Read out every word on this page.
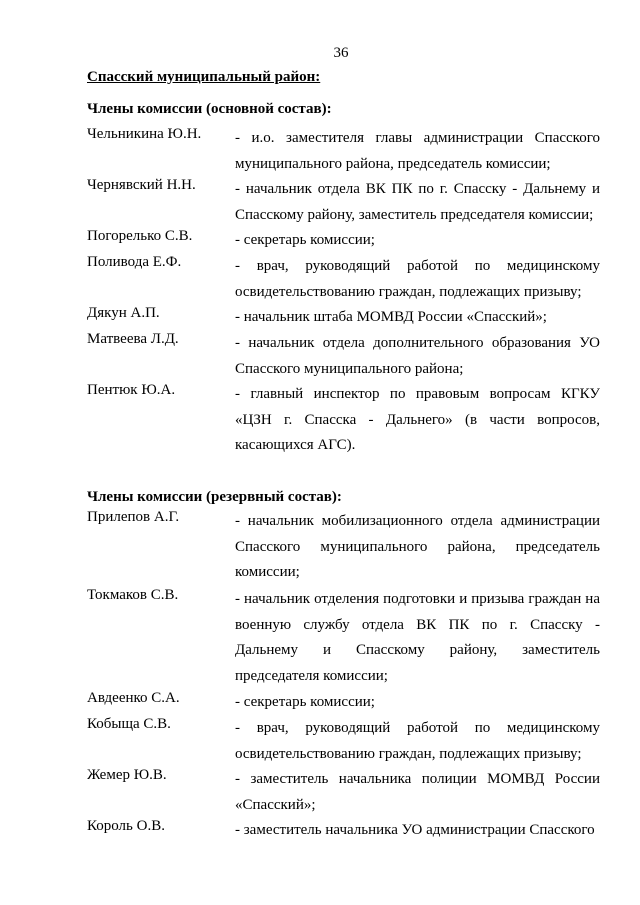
36
Спасский муниципальный район:
Члены комиссии (основной состав):
Чельникина Ю.Н. - и.о. заместителя главы администрации Спасского
муниципального района, председатель комиссии;
Чернявский Н.Н.	- начальник отдела ВК ПК по г. Спасску - Дальнему и
Спасскому району, заместитель председателя комиссии;
Погорелько С.В.	- секретарь комиссии;
Поливода Е.Ф.	- врач, руководящий работой по медицинскому
освидетельствованию граждан, подлежащих призыву;
Дякун А.П.	- начальник штаба МОМВД России «Спасский»;
Матвеева Л.Д.	- начальник отдела дополнительного образования УО
Спасского муниципального района;
Пентюк Ю.А.	- главный инспектор по правовым вопросам КГКУ
«ЦЗН г. Спасска - Дальнего» (в части вопросов,
касающихся АГС).
Члены комиссии (резервный состав):
Прилепов А.Г.	- начальник мобилизационного отдела администрации
Спасского муниципального района, председатель
комиссии;
Токмаков С.В.	- начальник отделения подготовки и призыва граждан на
военную службу отдела ВК ПК по г. Спасску -
Дальнему и Спасскому району, заместитель
председателя комиссии;
Авдеенко С.А.	- секретарь комиссии;
Кобыща С.В.	- врач, руководящий работой по медицинскому
освидетельствованию граждан, подлежащих призыву;
Жемер Ю.В.	- заместитель начальника полиции МОМВД России
«Спасский»;
Король О.В.	- заместитель начальника УО администрации Спасского
